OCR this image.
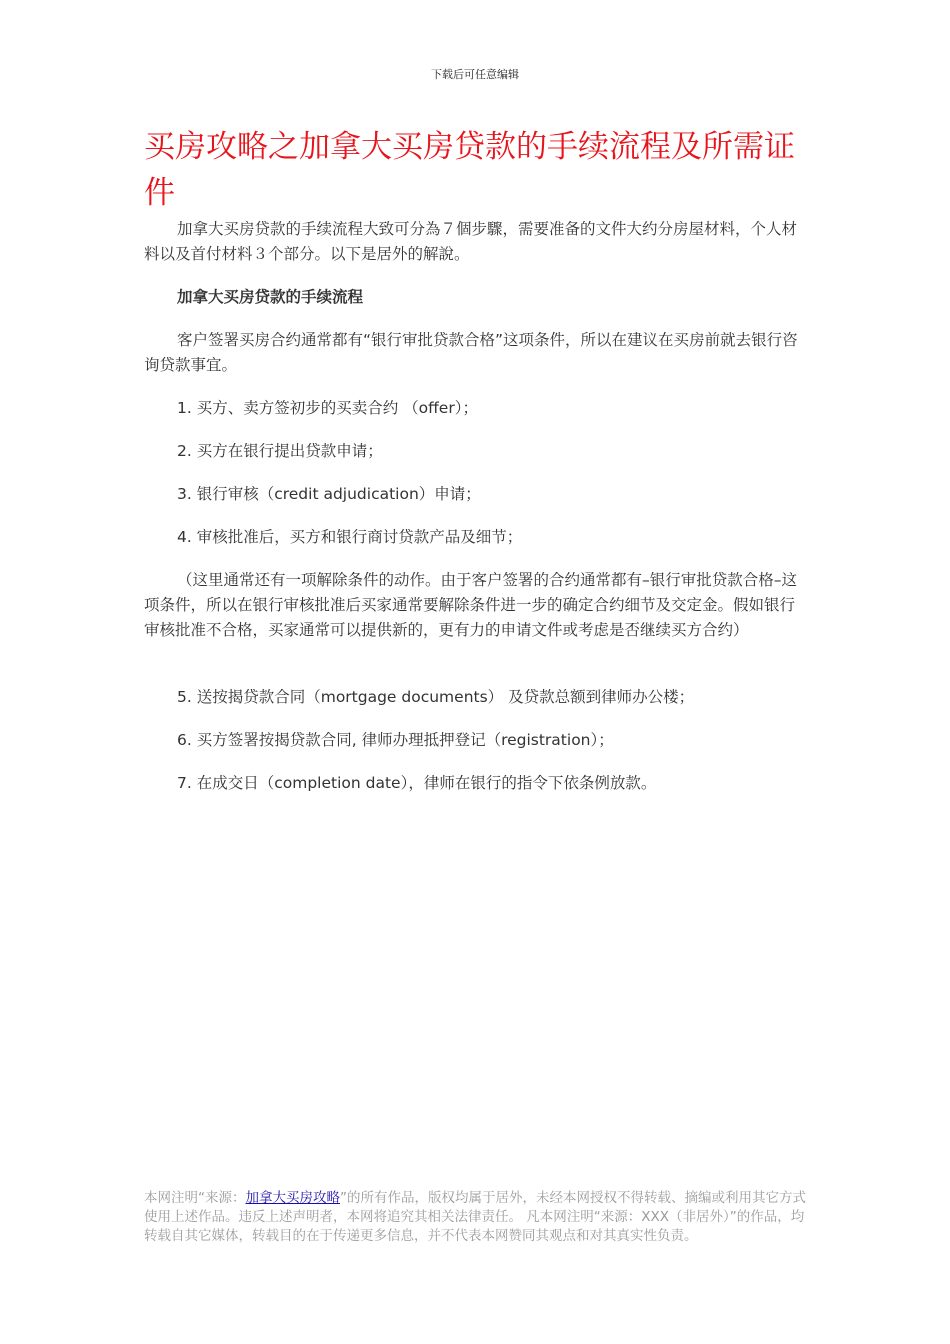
下载后可任意编辑
买房攻略之加拿大买房贷款的手续流程及所需证件

加拿大买房贷款的手续流程大致可分為７個步驟，需要准备的文件大约分房屋材料，个人材料以及首付材料３个部分。以下是居外的解說。

加拿大买房贷款的手续流程

客户签署买房合约通常都有“银行审批贷款合格”这项条件，所以在建议在买房前就去银行咨询贷款事宜。

1. 买方、卖方签初步的买卖合约 （offer）；

2. 买方在银行提出贷款申请；

3. 银行审核（credit adjudication）申请；

4. 审核批准后，买方和银行商讨贷款产品及细节；

（这里通常还有一项解除条件的动作。由于客户签署的合约通常都有–银行审批贷款合格–这项条件，所以在银行审核批准后买家通常要解除条件进一步的确定合约细节及交定金。假如银行审核批准不合格，买家通常可以提供新的，更有力的申请文件或考虑是否继续买方合约）

5. 送按揭贷款合同（mortgage documents） 及贷款总额到律师办公楼；

6. 买方签署按揭贷款合同, 律师办理抵押登记（registration）；

7. 在成交日（completion date），律师在银行的指令下依条例放款。

本网注明“来源：加拿大买房攻略”的所有作品，版权均属于居外，未经本网授权不得转载、摘编或利用其它方式使用上述作品。违反上述声明者，本网将追究其相关法律责任。 凡本网注明“来源：XXX（非居外）”的作品，均转载自其它媒体，转载目的在于传递更多信息，并不代表本网赞同其观点和对其真实性负责。
